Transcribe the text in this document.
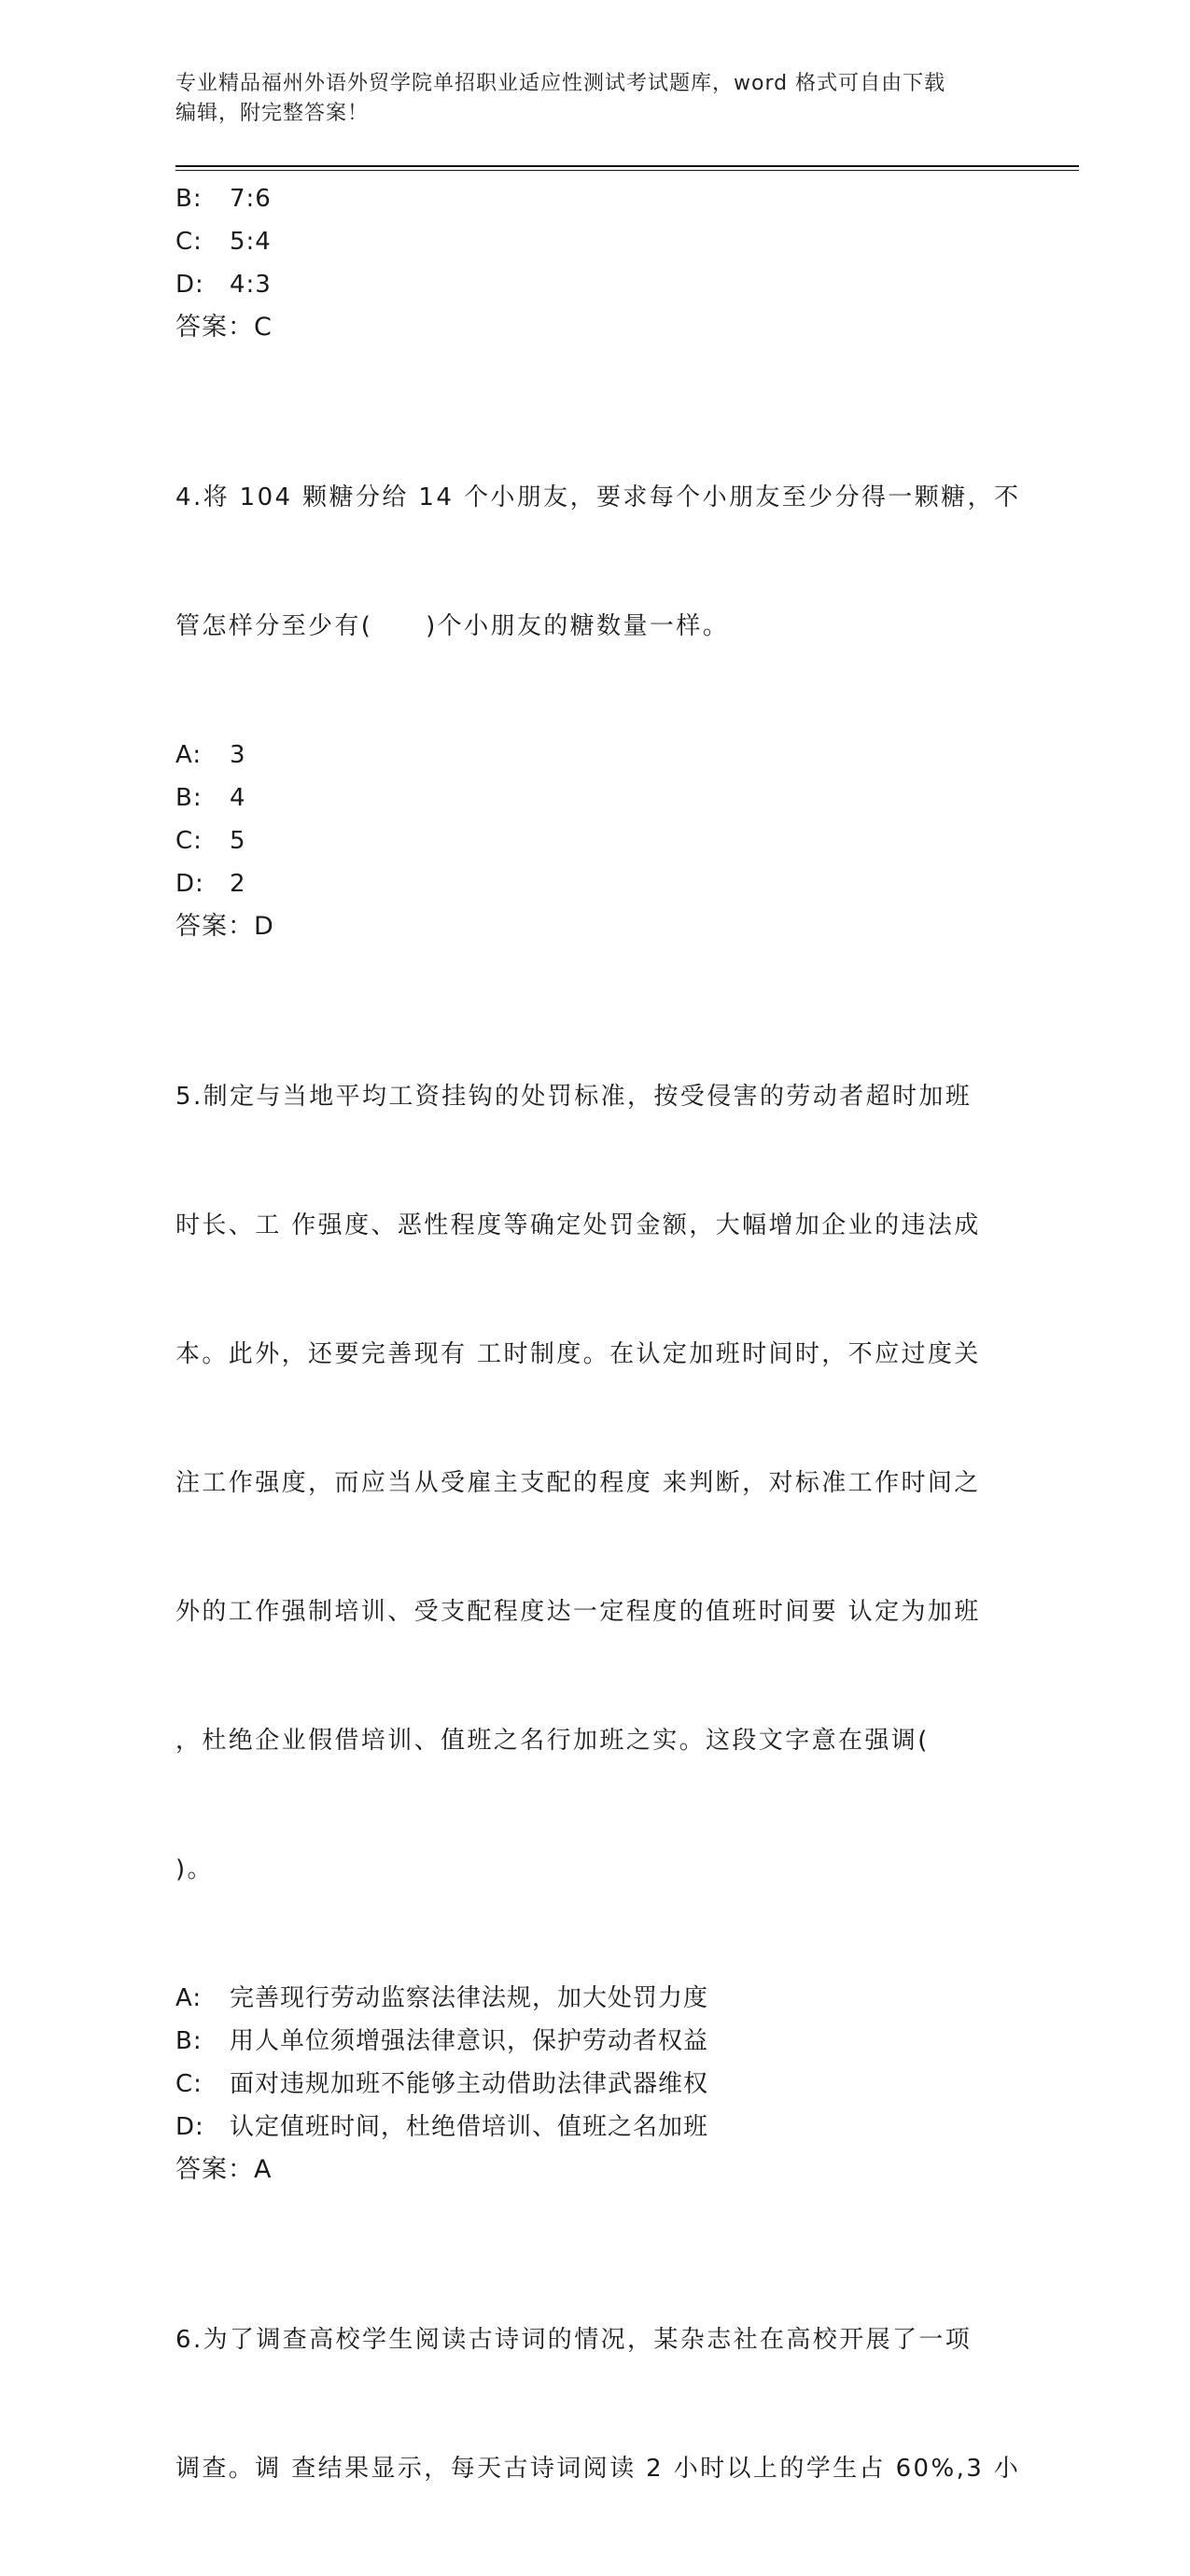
专业精品福州外语外贸学院单招职业适应性测试考试题库，word 格式可自由下载
编辑，附完整答案！
B: 7:6
C: 5:4
D: 4:3
答案：C

4.将 104 颗糖分给 14 个小朋友，要求每个小朋友至少分得一颗糖，不

管怎样分至少有(　　)个小朋友的糖数量一样。

A: 3
B: 4
C: 5
D: 2
答案：D

5.制定与当地平均工资挂钩的处罚标准，按受侵害的劳动者超时加班

时长、工 作强度、恶性程度等确定处罚金额，大幅增加企业的违法成

本。此外，还要完善现有 工时制度。在认定加班时间时，不应过度关

注工作强度，而应当从受雇主支配的程度 来判断，对标准工作时间之

外的工作强制培训、受支配程度达一定程度的值班时间要 认定为加班

，杜绝企业假借培训、值班之名行加班之实。这段文字意在强调(

)。

A: 完善现行劳动监察法律法规，加大处罚力度
B: 用人单位须增强法律意识，保护劳动者权益
C: 面对违规加班不能够主动借助法律武器维权
D: 认定值班时间，杜绝借培训、值班之名加班
答案：A

6.为了调查高校学生阅读古诗词的情况，某杂志社在高校开展了一项

调查。调 查结果显示，每天古诗词阅读 2 小时以上的学生占 60%,3 小
